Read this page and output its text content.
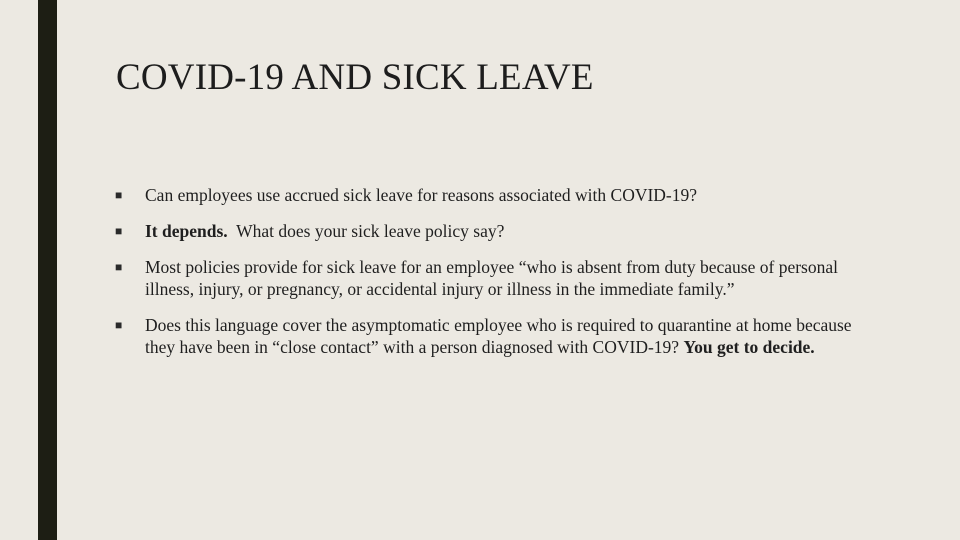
COVID-19 AND SICK LEAVE
■ Can employees use accrued sick leave for reasons associated with COVID-19?
■ It depends.  What does your sick leave policy say?
■ Most policies provide for sick leave for an employee “who is absent from duty because of personal illness, injury, or pregnancy, or accidental injury or illness in the immediate family.”
■ Does this language cover the asymptomatic employee who is required to quarantine at home because they have been in “close contact” with a person diagnosed with COVID-19? You get to decide.
